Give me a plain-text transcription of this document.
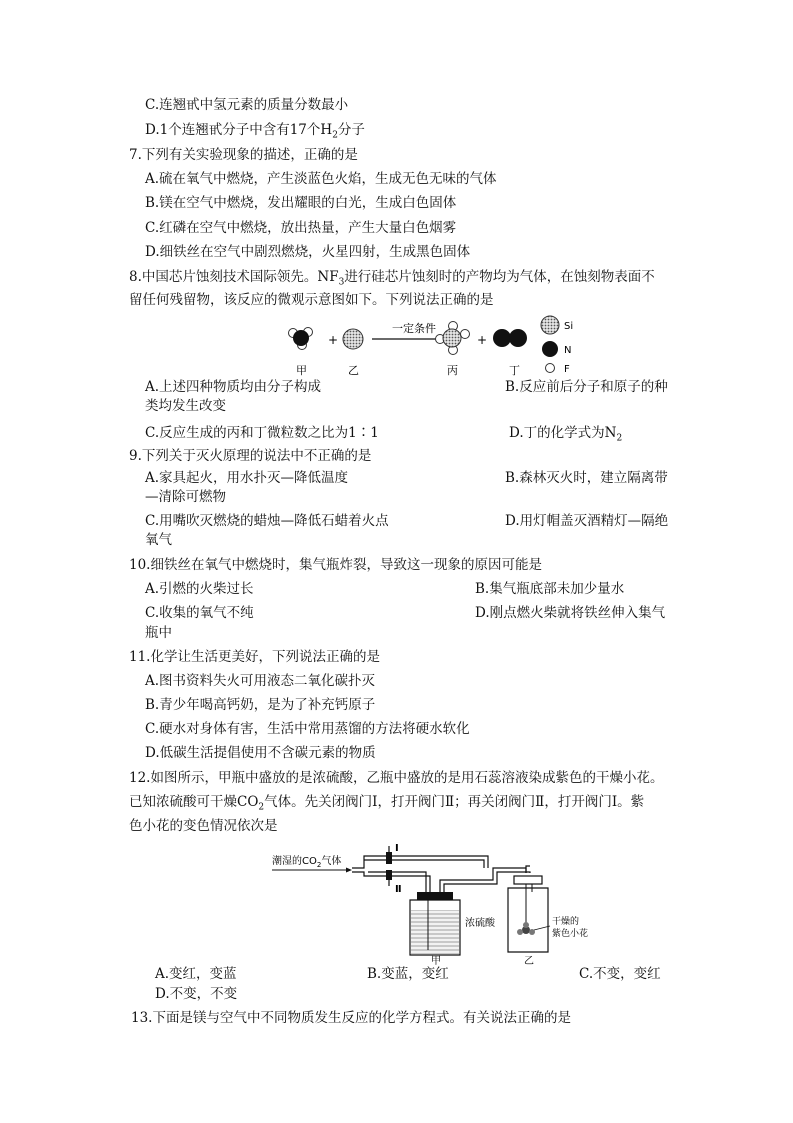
C.连翘甙中氢元素的质量分数最小
D.1个连翘甙分子中含有17个$H_2$分子
7.下列有关实验现象的描述，正确的是
A.硫在氧气中燃烧，产生淡蓝色火焰，生成无色无味的气体
B.镁在空气中燃烧，发出耀眼的白光，生成白色固体
C.红磷在空气中燃烧，放出热量，产生大量白色烟雾
D.细铁丝在空气中剧烈燃烧，火星四射，生成黑色固体
8.中国芯片蚀刻技术国际领先。$NF_3$进行硅芯片蚀刻时的产物均为气体，在蚀刻物表面不
留任何残留物，该反应的微观示意图如下。下列说法正确的是
+
一定条件
+
Si
N
F
甲	乙	丙	丁
A.上述四种物质均由分子构成	B.反应前后分子和原子的种
类均发生改变
C.反应生成的丙和丁微粒数之比为1∶1	D.丁的化学式为$N_2$
9.下列关于灭火原理的说法中不正确的是
A.家具起火，用水扑灭—降低温度	B.森林灭火时，建立隔离带
—清除可燃物
C.用嘴吹灭燃烧的蜡烛—降低石蜡着火点	D.用灯帽盖灭酒精灯—隔绝
氧气
10.细铁丝在氧气中燃烧时，集气瓶炸裂，导致这一现象的原因可能是
A.引燃的火柴过长	B.集气瓶底部未加少量水
C.收集的氧气不纯	D.刚点燃火柴就将铁丝伸入集气
瓶中
11.化学让生活更美好，下列说法正确的是
A.图书资料失火可用液态二氧化碳扑灭
B.青少年喝高钙奶，是为了补充钙原子
C.硬水对身体有害，生活中常用蒸馏的方法将硬水软化
D.低碳生活提倡使用不含碳元素的物质
12.如图所示，甲瓶中盛放的是浓硫酸，乙瓶中盛放的是用石蕊溶液染成紫色的干燥小花。
已知浓硫酸可干燥$CO_2$气体。先关闭阀门I，打开阀门Ⅱ；再关闭阀门Ⅱ，打开阀门I。紫
色小花的变色情况依次是
潮湿的$CO_2$气体
I
Ⅱ
浓硫酸
甲
干燥的
紫色小花
乙
A.变红，变蓝	B.变蓝，变红	C.不变，变红
D.不变，不变
13.下面是镁与空气中不同物质发生反应的化学方程式。有关说法正确的是
